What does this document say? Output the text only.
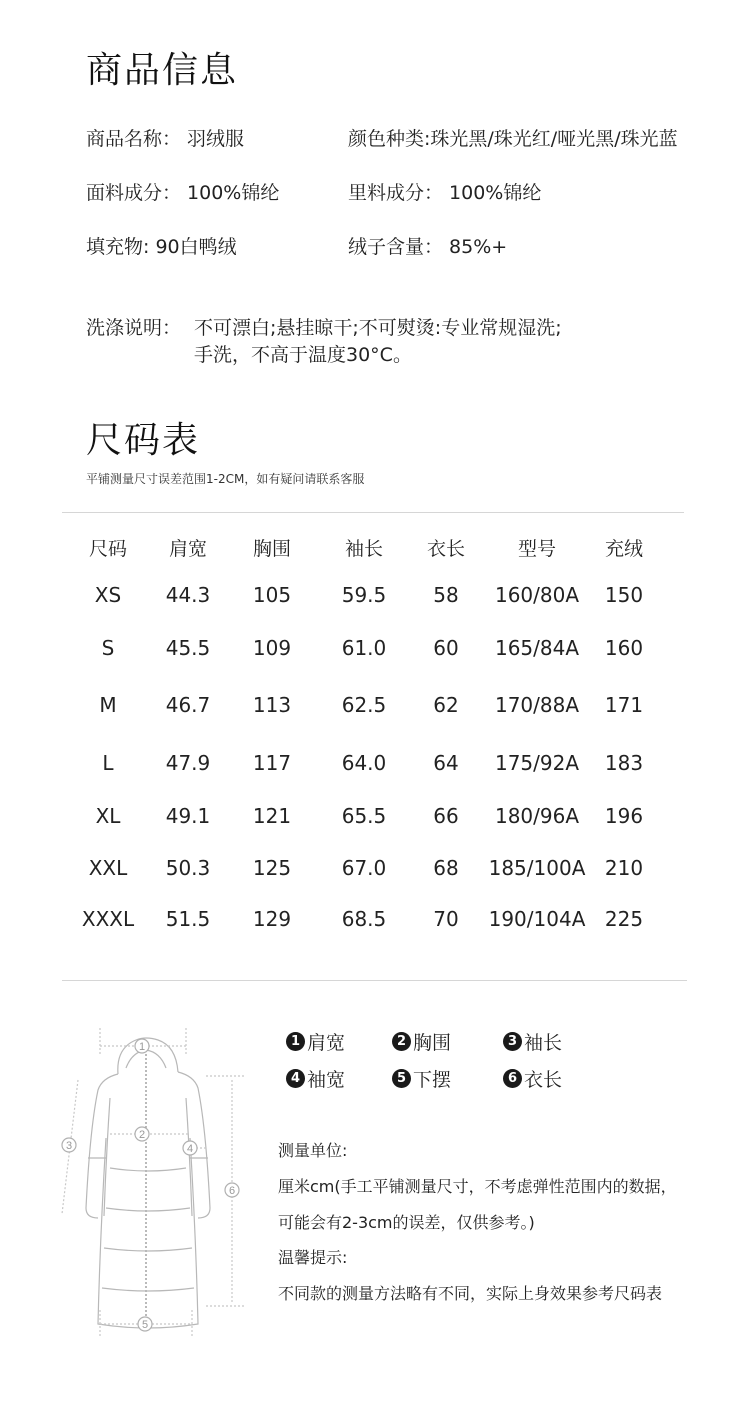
商品信息
商品名称： 羽绒服	颜色种类:珠光黑/珠光红/哑光黑/珠光蓝
面料成分： 100%锦纶	里料成分： 100%锦纶
填充物: 90白鸭绒	绒子含量： 85%+
洗涤说明： 不可漂白;悬挂晾干;不可熨烫:专业常规湿洗;
手洗，不高于温度30°C。
尺码表
平铺测量尺寸误差范围1-2CM，如有疑问请联系客服
尺码 肩宽 胸围	袖长 衣长	型号	充绒
XS 44.3 105	59.5 58 160/80A 150
S	45.5 109	61.0 60 165/84A 160
M 46.7 113	62.5 62 170/88A 171
L	47.9 117	64.0 64 175/92A 183
XL 49.1 121	65.5 66 180/96A 196
XXL 50.3 125	67.0 68 185/100A 210
XXXL 51.5 129	68.5 70 190/104A 225
1
2
3	4
5
6
1 肩宽	2 胸围	3 袖长
4 袖宽	5 下摆	6 衣长
测量单位:
厘米cm(手工平铺测量尺寸，不考虑弹性范围内的数据，
可能会有2-3cm的误差，仅供参考。)
温馨提示:
不同款的测量方法略有不同，实际上身效果参考尺码表
